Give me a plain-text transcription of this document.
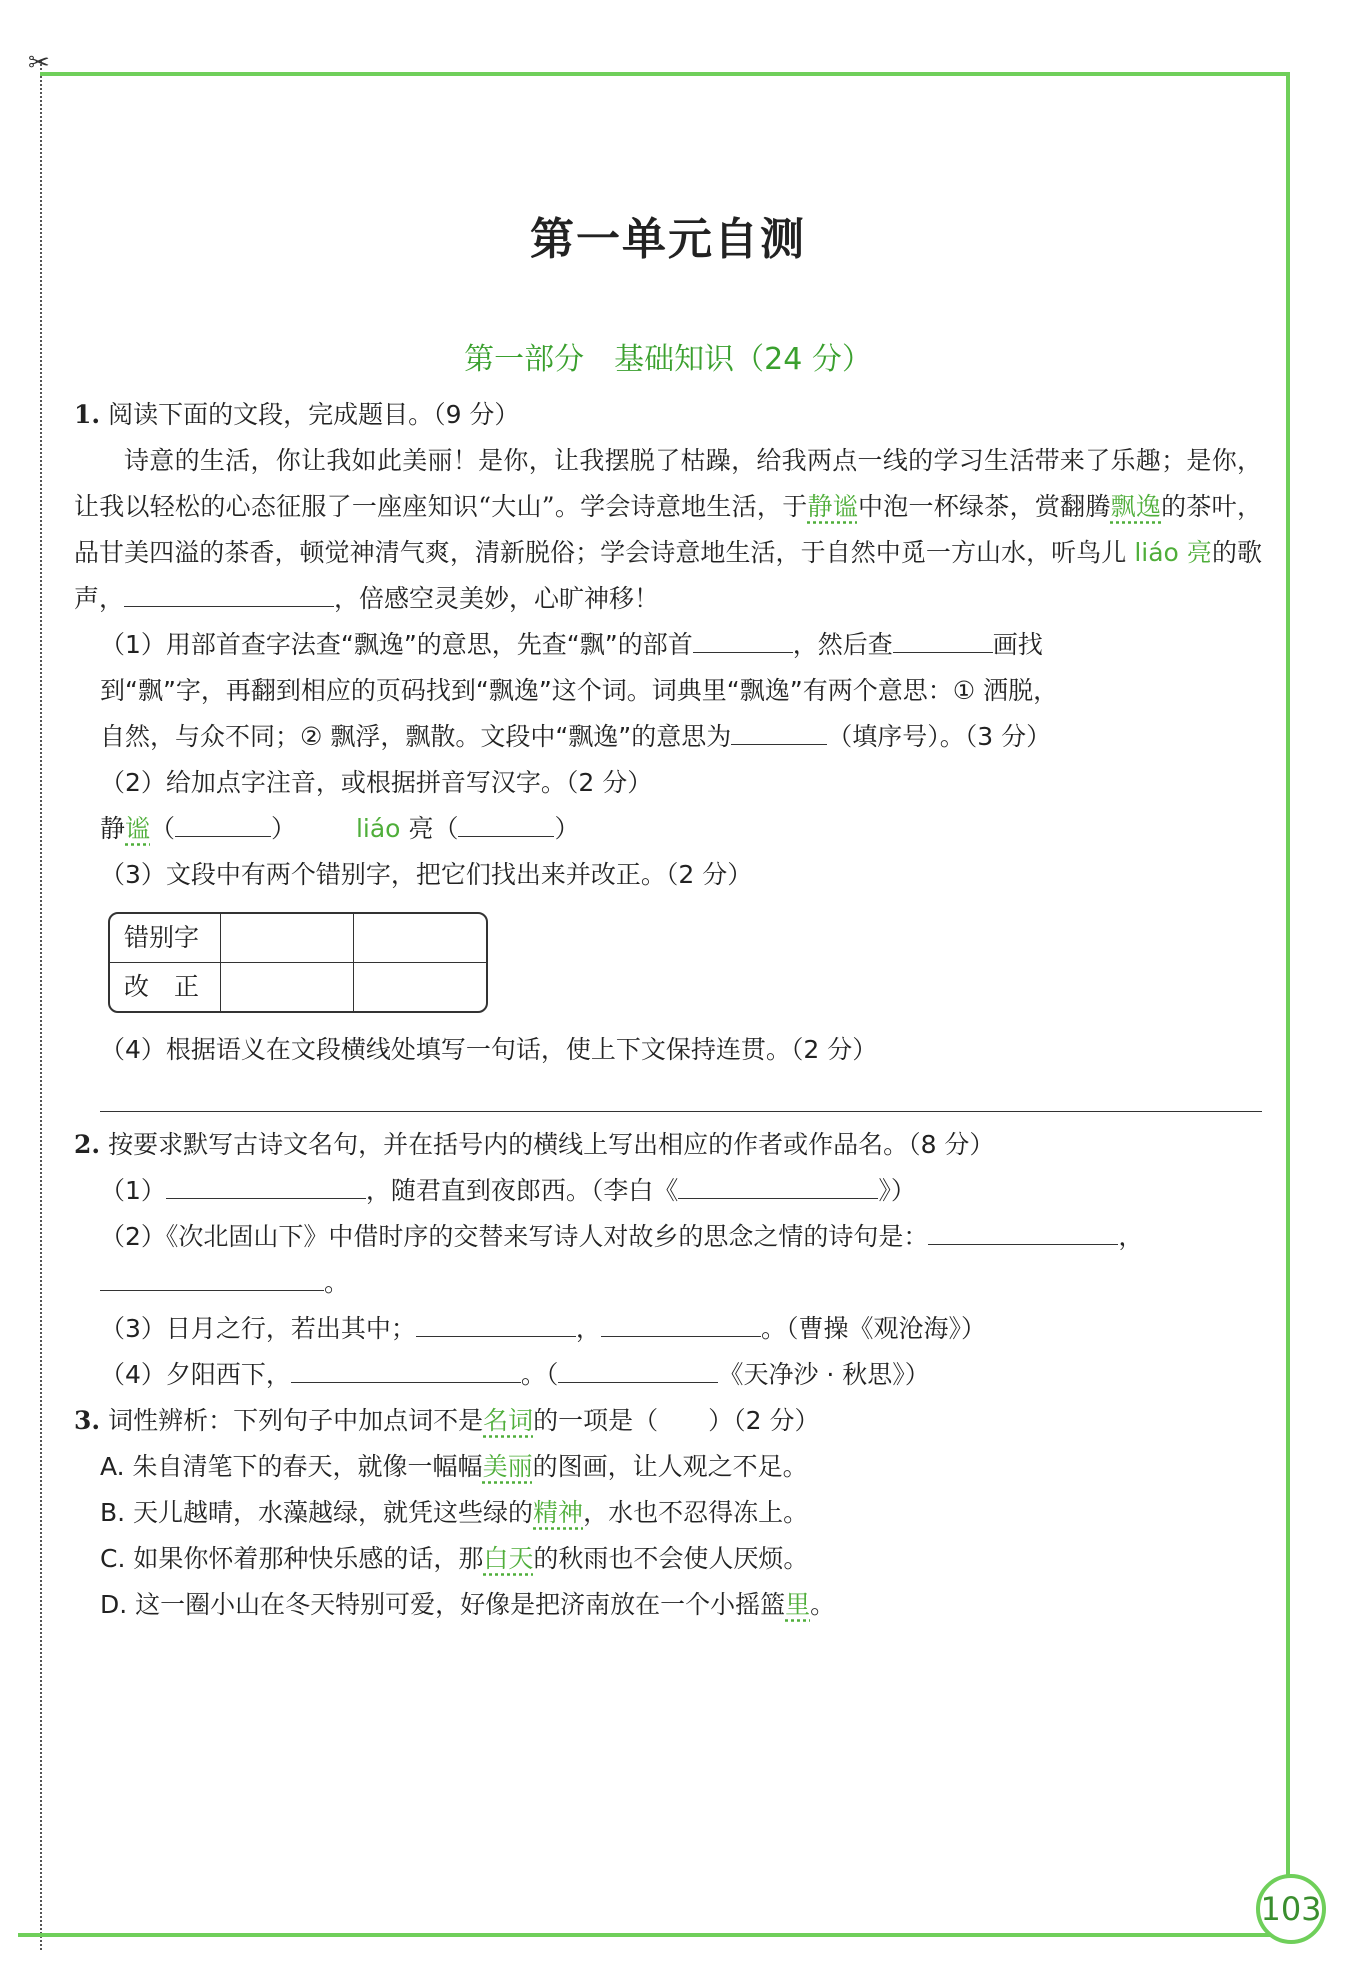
✂
103
第一单元自测
第一部分　基础知识（24 分）
1. 阅读下面的文段，完成题目。（9 分）
诗意的生活，你让我如此美丽！是你，让我摆脱了枯躁，给我两点一线的学习生活带来了乐趣；是你，让我以轻松的心态征服了一座座知识“大山”。学会诗意地生活，于静谧中泡一杯绿茶，赏翻腾飘逸的茶叶，品甘美四溢的茶香，顿觉神清气爽，清新脱俗；学会诗意地生活，于自然中觅一方山水，听鸟儿 liáo 亮的歌声，	，倍感空灵美妙，心旷神移！
（1）用部首查字法查“飘逸”的意思，先查“飘”的部首	，然后查	画找
到“飘”字，再翻到相应的页码找到“飘逸”这个词。词典里“飘逸”有两个意思：① 洒脱，
自然，与众不同；② 飘浮，飘散。文段中“飘逸”的意思为	（填序号）。（3 分）
（2）给加点字注音，或根据拼音写汉字。（2 分）
静谧（	） liáo 亮（	）
（3）文段中有两个错别字，把它们找出来并改正。（2 分）
错别字		
改　正		
（4）根据语义在文段横线处填写一句话，使上下文保持连贯。（2 分）
2. 按要求默写古诗文名句，并在括号内的横线上写出相应的作者或作品名。（8 分）
（1）	，随君直到夜郎西。（李白《	》）
（2）《次北固山下》中借时序的交替来写诗人对故乡的思念之情的诗句是：	，
。
（3）日月之行，若出其中；	，	。（曹操《观沧海》）
（4）夕阳西下，	。（	《天净沙 · 秋思》）
3. 词性辨析：下列句子中加点词不是名词的一项是（　　）（2 分）
A. 朱自清笔下的春天，就像一幅幅美丽的图画，让人观之不足。
B. 天儿越晴，水藻越绿，就凭这些绿的精神，水也不忍得冻上。
C. 如果你怀着那种快乐感的话，那白天的秋雨也不会使人厌烦。
D. 这一圈小山在冬天特别可爱，好像是把济南放在一个小摇篮里。
